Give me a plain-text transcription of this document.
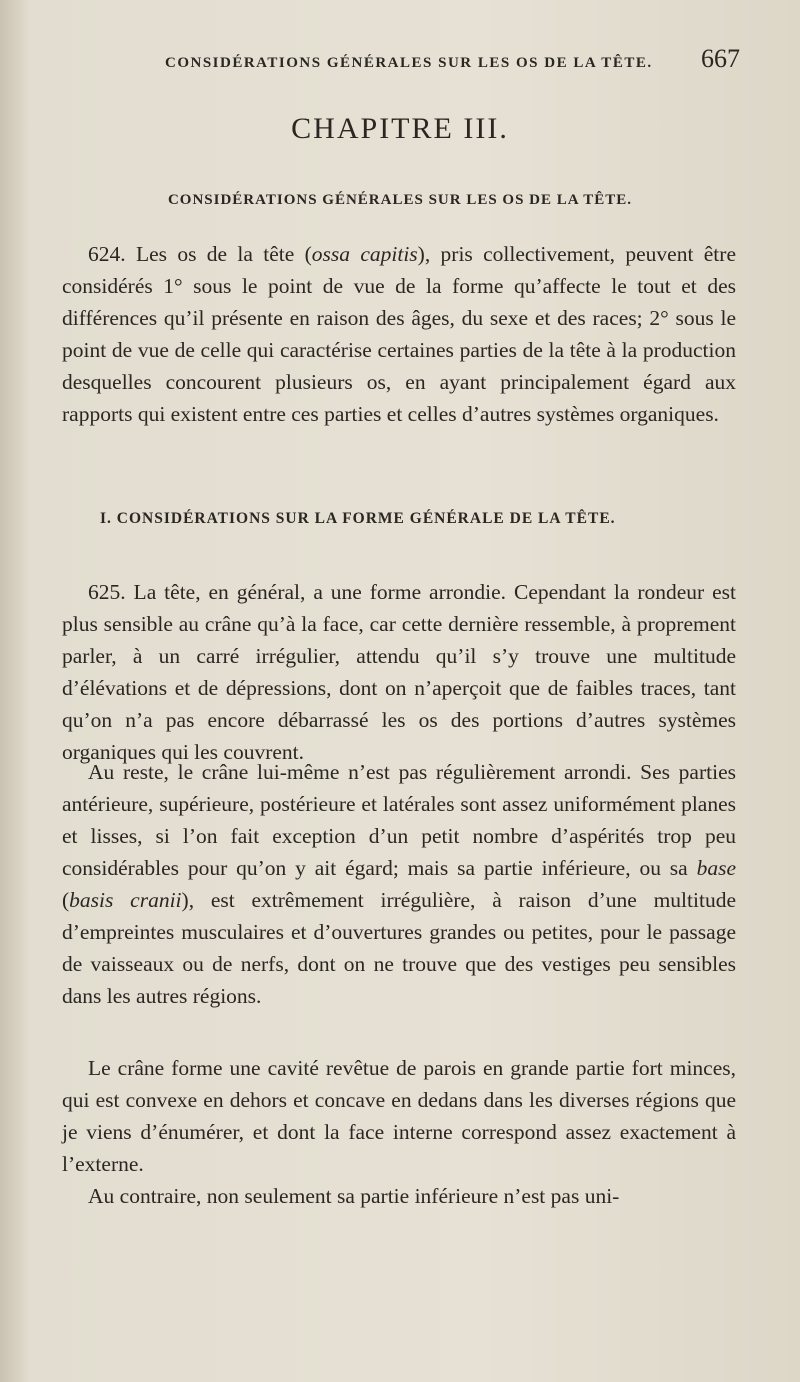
CONSIDÉRATIONS GÉNÉRALES SUR LES OS DE LA TÊTE. 667
CHAPITRE III.
CONSIDÉRATIONS GÉNÉRALES SUR LES OS DE LA TÊTE.

624. Les os de la tête (ossa capitis), pris collectivement, peuvent être considérés 1° sous le point de vue de la forme qu’affecte le tout et des différences qu’il présente en raison des âges, du sexe et des races; 2° sous le point de vue de celle qui caractérise certaines parties de la tête à la production desquelles concourent plusieurs os, en ayant principalement égard aux rapports qui existent entre ces parties et celles d’autres systèmes organiques.

I. CONSIDÉRATIONS SUR LA FORME GÉNÉRALE DE LA TÊTE.

625. La tête, en général, a une forme arrondie. Cependant la rondeur est plus sensible au crâne qu’à la face, car cette dernière ressemble, à proprement parler, à un carré irrégulier, attendu qu’il s’y trouve une multitude d’élévations et de dépressions, dont on n’aperçoit que de faibles traces, tant qu’on n’a pas encore débarrassé les os des portions d’autres systèmes organiques qui les couvrent.

Au reste, le crâne lui-même n’est pas régulièrement arrondi. Ses parties antérieure, supérieure, postérieure et latérales sont assez uniformément planes et lisses, si l’on fait exception d’un petit nombre d’aspérités trop peu considérables pour qu’on y ait égard; mais sa partie inférieure, ou sa base (basis cranii), est extrêmement irrégulière, à raison d’une multitude d’empreintes musculaires et d’ouvertures grandes ou petites, pour le passage de vaisseaux ou de nerfs, dont on ne trouve que des vestiges peu sensibles dans les autres régions.

Le crâne forme une cavité revêtue de parois en grande partie fort minces, qui est convexe en dehors et concave en dedans dans les diverses régions que je viens d’énumérer, et dont la face interne correspond assez exactement à l’externe.

Au contraire, non seulement sa partie inférieure n’est pas uni-
